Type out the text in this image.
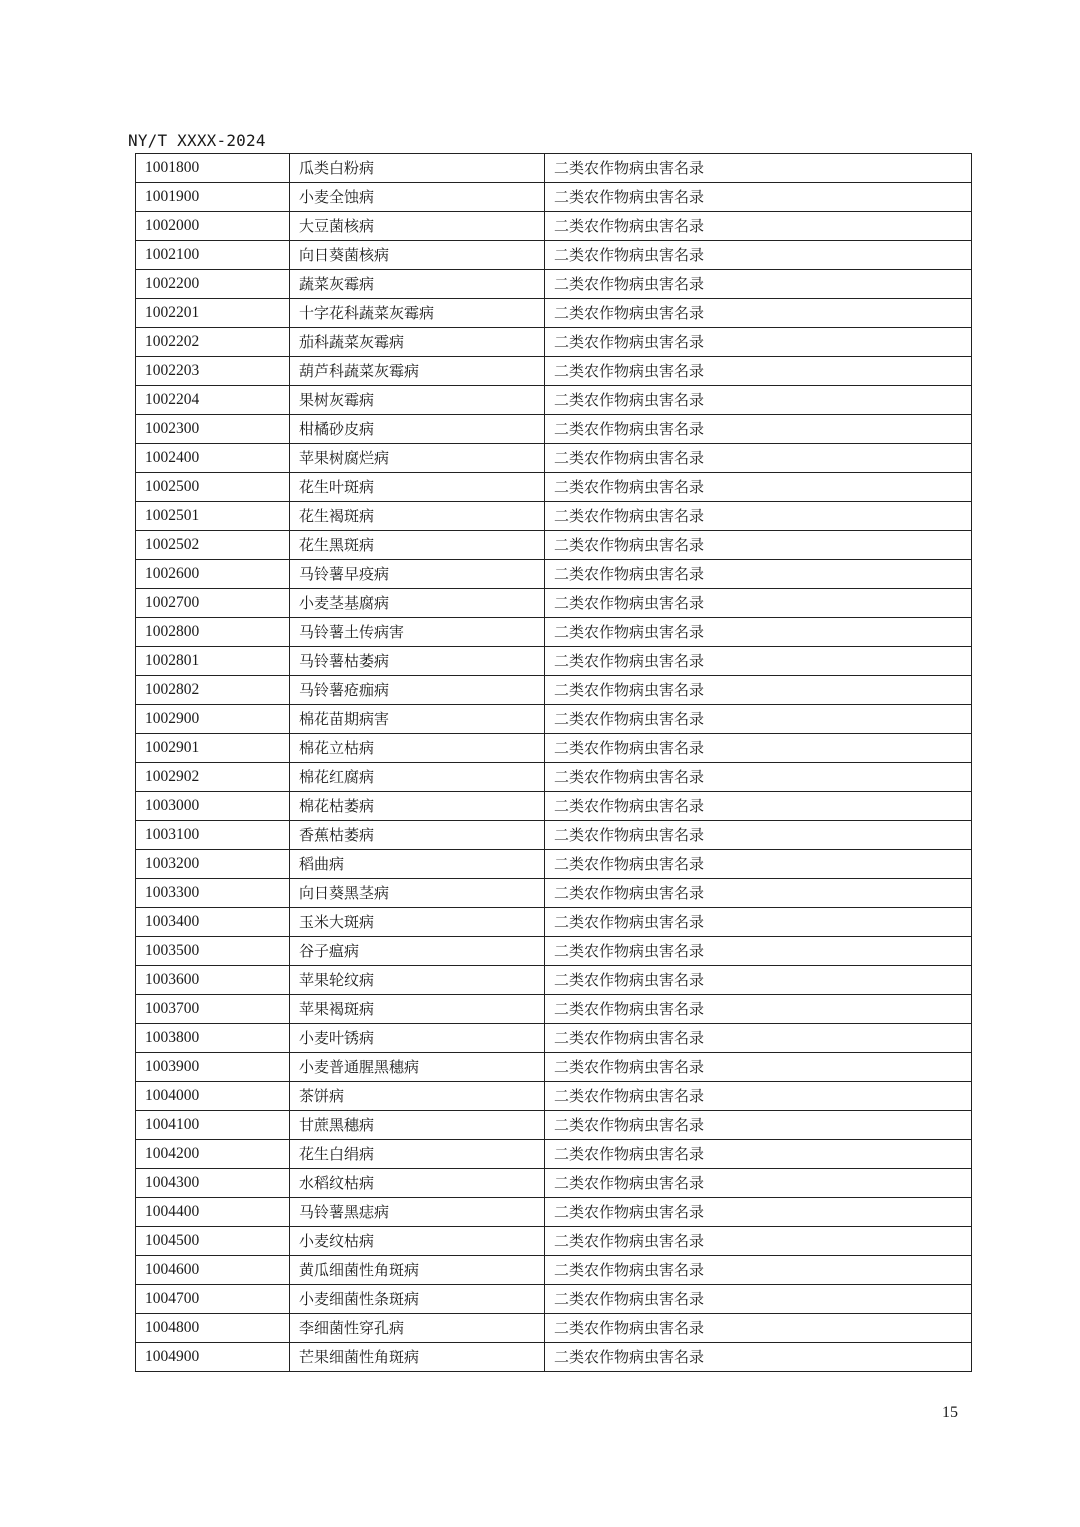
NY/T XXXX-2024
1001800	瓜类白粉病	二类农作物病虫害名录
1001900	小麦全蚀病	二类农作物病虫害名录
1002000	大豆菌核病	二类农作物病虫害名录
1002100	向日葵菌核病	二类农作物病虫害名录
1002200	蔬菜灰霉病	二类农作物病虫害名录
1002201	十字花科蔬菜灰霉病	二类农作物病虫害名录
1002202	茄科蔬菜灰霉病	二类农作物病虫害名录
1002203	葫芦科蔬菜灰霉病	二类农作物病虫害名录
1002204	果树灰霉病	二类农作物病虫害名录
1002300	柑橘砂皮病	二类农作物病虫害名录
1002400	苹果树腐烂病	二类农作物病虫害名录
1002500	花生叶斑病	二类农作物病虫害名录
1002501	花生褐斑病	二类农作物病虫害名录
1002502	花生黑斑病	二类农作物病虫害名录
1002600	马铃薯早疫病	二类农作物病虫害名录
1002700	小麦茎基腐病	二类农作物病虫害名录
1002800	马铃薯土传病害	二类农作物病虫害名录
1002801	马铃薯枯萎病	二类农作物病虫害名录
1002802	马铃薯疮痂病	二类农作物病虫害名录
1002900	棉花苗期病害	二类农作物病虫害名录
1002901	棉花立枯病	二类农作物病虫害名录
1002902	棉花红腐病	二类农作物病虫害名录
1003000	棉花枯萎病	二类农作物病虫害名录
1003100	香蕉枯萎病	二类农作物病虫害名录
1003200	稻曲病	二类农作物病虫害名录
1003300	向日葵黑茎病	二类农作物病虫害名录
1003400	玉米大斑病	二类农作物病虫害名录
1003500	谷子瘟病	二类农作物病虫害名录
1003600	苹果轮纹病	二类农作物病虫害名录
1003700	苹果褐斑病	二类农作物病虫害名录
1003800	小麦叶锈病	二类农作物病虫害名录
1003900	小麦普通腥黑穗病	二类农作物病虫害名录
1004000	茶饼病	二类农作物病虫害名录
1004100	甘蔗黑穗病	二类农作物病虫害名录
1004200	花生白绢病	二类农作物病虫害名录
1004300	水稻纹枯病	二类农作物病虫害名录
1004400	马铃薯黑痣病	二类农作物病虫害名录
1004500	小麦纹枯病	二类农作物病虫害名录
1004600	黄瓜细菌性角斑病	二类农作物病虫害名录
1004700	小麦细菌性条斑病	二类农作物病虫害名录
1004800	李细菌性穿孔病	二类农作物病虫害名录
1004900	芒果细菌性角斑病	二类农作物病虫害名录
15
